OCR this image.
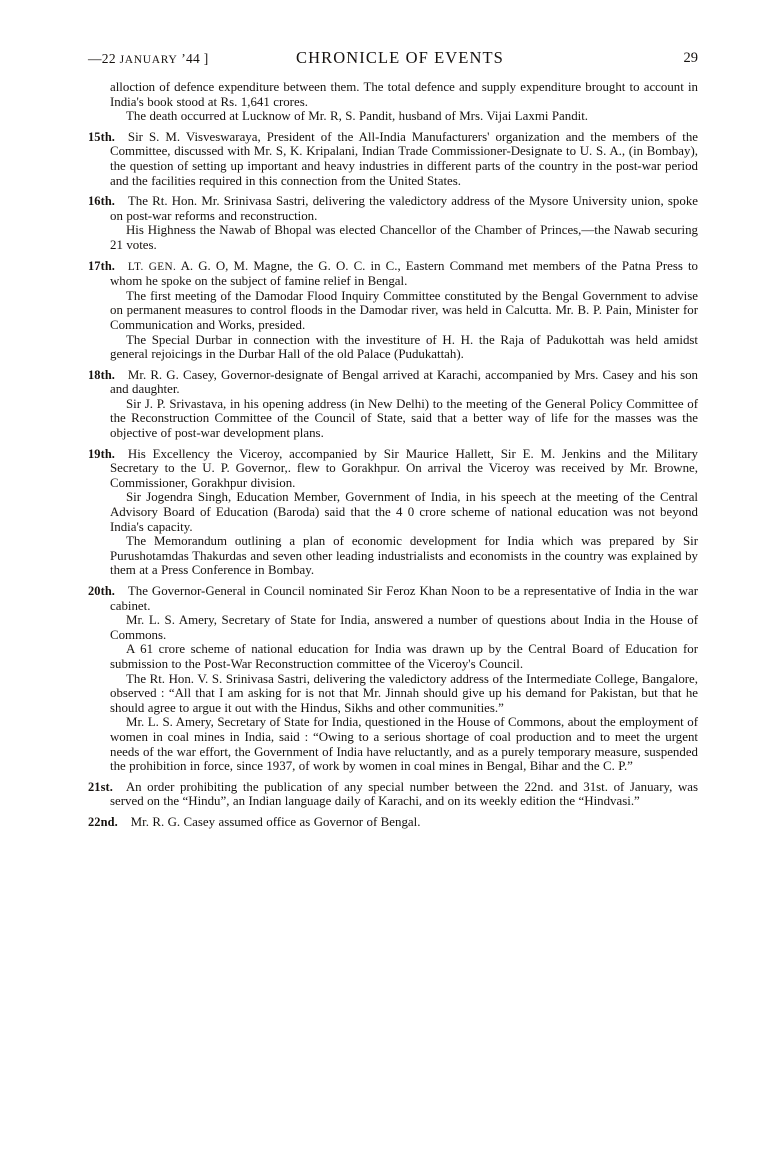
—22 JANUARY ’44 ]	CHRONICLE OF EVENTS	29

alloction of defence expenditure between them. The total defence and supply expenditure brought to account in India's book stood at Rs. 1,641 crores.

The death occurred at Lucknow of Mr. R, S. Pandit, husband of Mrs. Vijai Laxmi Pandit.

15th.   Sir S. M. Visveswaraya, President of the All-India Manufacturers' organization and the members of the Committee, discussed with Mr. S, K. Kripalani, Indian Trade Commissioner-Designate to U. S. A., (in Bombay), the question of setting up important and heavy industries in different parts of the country in the post-war period and the facilities required in this connection from the United States.

16th.   The Rt. Hon. Mr. Srinivasa Sastri, delivering the valedictory address of the Mysore University union, spoke on post-war reforms and reconstruction.

His Highness the Nawab of Bhopal was elected Chancellor of the Chamber of Princes,—the Nawab securing 21 votes.

17th.   LT. GEN. A. G. O, M. Magne, the G. O. C. in C., Eastern Command met members of the Patna Press to whom he spoke on the subject of famine relief in Bengal.

The first meeting of the Damodar Flood Inquiry Committee constituted by the Bengal Government to advise on permanent measures to control floods in the Damodar river, was held in Calcutta. Mr. B. P. Pain, Minister for Communication and Works, presided.

The Special Durbar in connection with the investiture of H. H. the Raja of Padukottah was held amidst general rejoicings in the Durbar Hall of the old Palace (Pudukattah).

18th.   Mr. R. G. Casey, Governor-designate of Bengal arrived at Karachi, accompanied by Mrs. Casey and his son and daughter.

Sir J. P. Srivastava, in his opening address (in New Delhi) to the meeting of the General Policy Committee of the Reconstruction Committee of the Council of State, said that a better way of life for the masses was the objective of post-war development plans.

19th.   His Excellency the Viceroy, accompanied by Sir Maurice Hallett, Sir E. M. Jenkins and the Military Secretary to the U. P. Governor,. flew to Gorakhpur. On arrival the Viceroy was received by Mr. Browne, Commissioner, Gorakhpur division.

Sir Jogendra Singh, Education Member, Government of India, in his speech at the meeting of the Central Advisory Board of Education (Baroda) said that the 4 0 crore scheme of national education was not beyond India's capacity.

The Memorandum outlining a plan of economic development for India which was prepared by Sir Purushotamdas Thakurdas and seven other leading industrialists and economists in the country was explained by them at a Press Conference in Bombay.

20th.   The Governor-General in Council nominated Sir Feroz Khan Noon to be a representative of India in the war cabinet.

Mr. L. S. Amery, Secretary of State for India, answered a number of questions about India in the House of Commons.

A 61 crore scheme of national education for India was drawn up by the Central Board of Education for submission to the Post-War Reconstruction committee of the Viceroy's Council.

The Rt. Hon. V. S. Srinivasa Sastri, delivering the valedictory address of the Intermediate College, Bangalore, observed : “All that I am asking for is not that Mr. Jinnah should give up his demand for Pakistan, but that he should agree to argue it out with the Hindus, Sikhs and other communities.”

Mr. L. S. Amery, Secretary of State for India, questioned in the House of Commons, about the employment of women in coal mines in India, said : “Owing to a serious shortage of coal production and to meet the urgent needs of the war effort, the Government of India have reluctantly, and as a purely temporary measure, suspended the prohibition in force, since 1937, of work by women in coal mines in Bengal, Bihar and the C. P.”

21st.   An order prohibiting the publication of any special number between the 22nd. and 31st. of January, was served on the “Hindu”, an Indian language daily of Karachi, and on its weekly edition the “Hindvasi.”

22nd.   Mr. R. G. Casey assumed office as Governor of Bengal.
